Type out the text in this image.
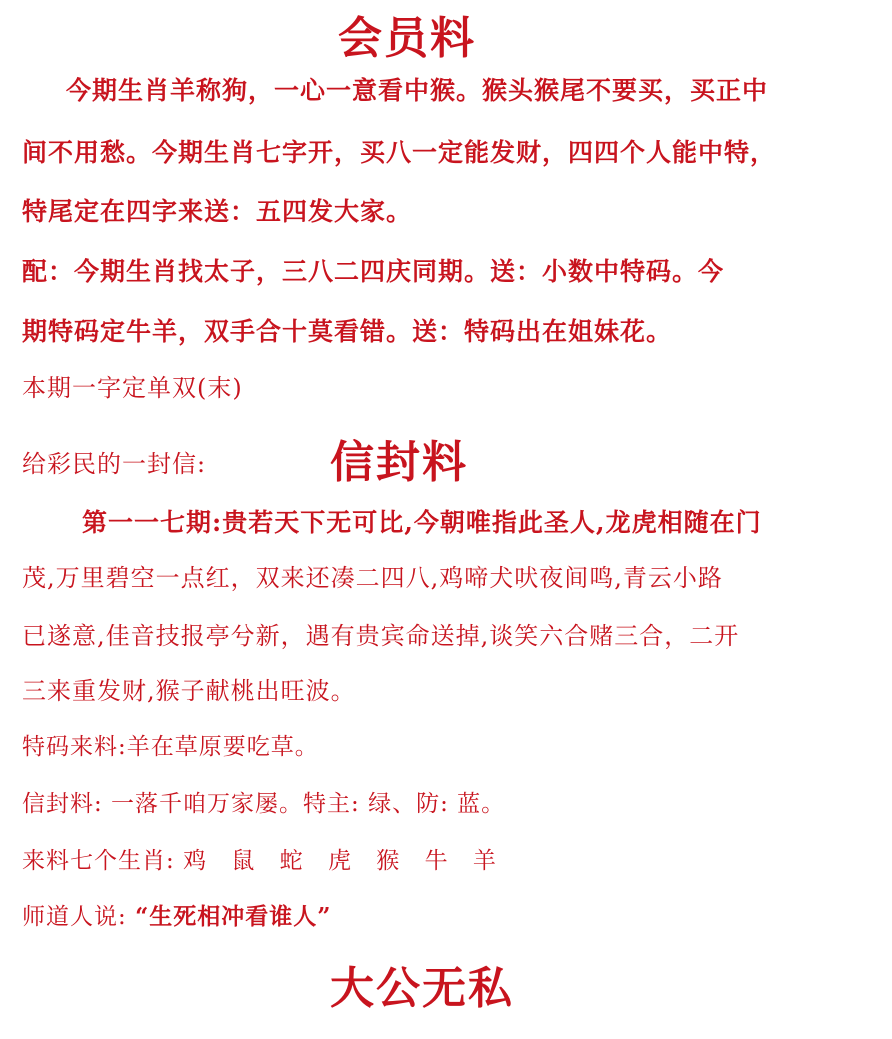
会员料
今期生肖羊称狗，一心一意看中猴。猴头猴尾不要买，买正中
间不用愁。今期生肖七字开，买八一定能发财，四四个人能中特，
特尾定在四字来送：五四发大家。
配：今期生肖找太子，三八二四庆同期。送：小数中特码。今
期特码定牛羊，双手合十莫看错。送：特码出在姐妹花。
本期一字定单双(末)
给彩民的一封信:	信封料
第一一七期:贵若天下无可比,今朝唯指此圣人,龙虎相随在门
茂,万里碧空一点红，双来还凑二四八,鸡啼犬吠夜间鸣,青云小路
已遂意,佳音技报亭兮新，遇有贵宾命送掉,谈笑六合赌三合，二开
三来重发财,猴子献桃出旺波。
特码来料:羊在草原要吃草。
信封料: 一落千咱万家屡。特主: 绿、防: 蓝。
来料七个生肖: 鸡 鼠 蛇 虎 猴 牛 羊
师道人说: “生死相冲看谁人”
大公无私
